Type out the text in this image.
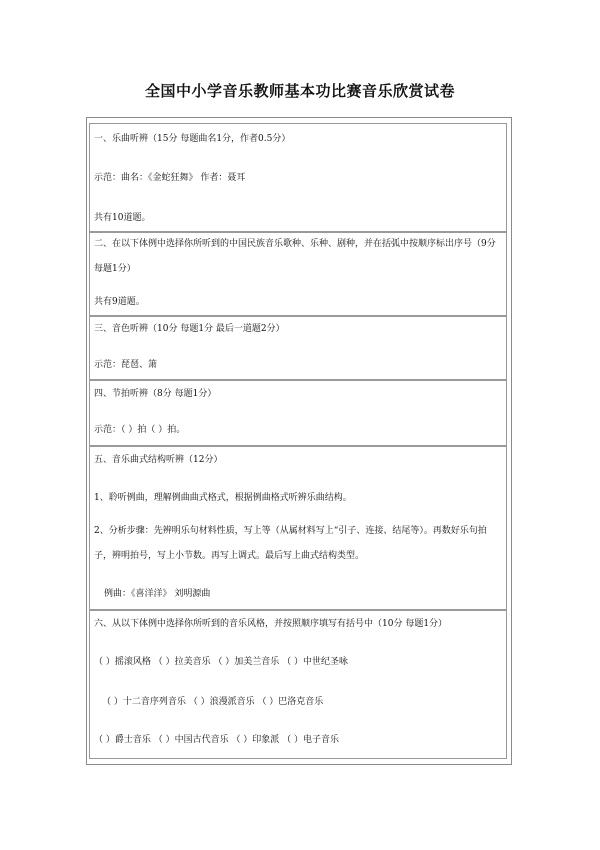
全国中小学音乐教师基本功比赛音乐欣赏试卷
一、乐曲听辨（15分 每题曲名1分，作者0.5分）
示范：曲名：《金蛇狂舞》 作者：聂耳
共有10道题。
二、在以下体例中选择你所听到的中国民族音乐歌种、乐种、剧种，并在括弧中按顺序标出序号（9分 每题1分）
共有9道题。
三、音色听辨（10分 每题1分 最后一道题2分）
示范：琵琶、箫
四、节拍听辨（8分 每题1分）
示范：（ ）拍（ ）拍。
五、音乐曲式结构听辨（12分）
1、聆听例曲，理解例曲曲式格式，根据例曲格式听辨乐曲结构。
2、分析步骤：先辨明乐句材料性质，写上等（从属材料写上“引子、连接、结尾等）。再数好乐句拍子，辨明拍号，写上小节数。再写上调式。最后写上曲式结构类型。
例曲：《喜洋洋》 刘明源曲
六、从以下体例中选择你所听到的音乐风格，并按照顺序填写有括号中（10分 每题1分）
（ ）摇滚风格 （ ）拉美音乐 （ ）加美兰音乐 （ ）中世纪圣咏
（ ）十二音序列音乐 （ ）浪漫派音乐 （ ）巴洛克音乐
（ ）爵士音乐 （ ）中国古代音乐 （ ）印象派 （ ）电子音乐
